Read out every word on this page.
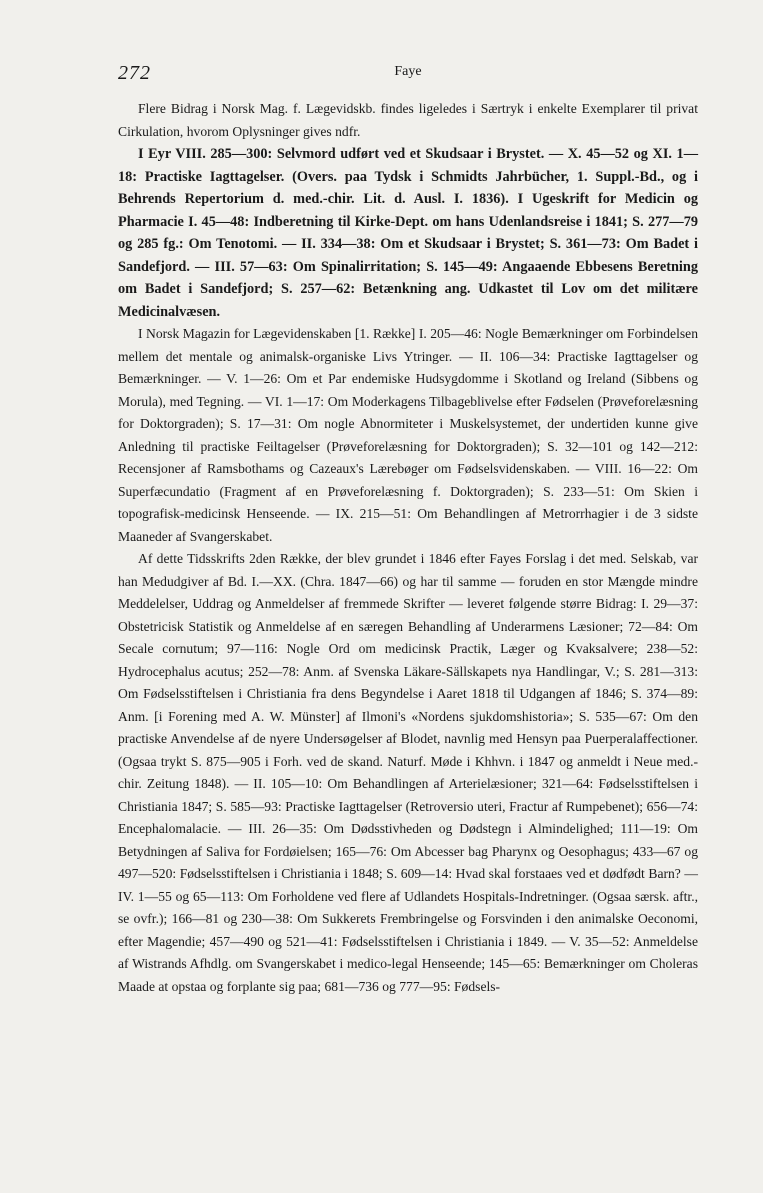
272	Faye

Flere Bidrag i Norsk Mag. f. Lægevidskb. findes ligeledes i Særtryk i enkelte Exemplarer til privat Cirkulation, hvorom Oplysninger gives ndfr.

I Eyr VIII. 285—300: Selvmord udført ved et Skudsaar i Brystet. — X. 45—52 og XI. 1—18: Practiske Iagttagelser. (Overs. paa Tydsk i Schmidts Jahrbücher, 1. Suppl.-Bd., og i Behrends Repertorium d. med.-chir. Lit. d. Ausl. I. 1836). I Ugeskrift for Medicin og Pharmacie I. 45—48: Indberetning til Kirke-Dept. om hans Udenlandsreise i 1841; S. 277—79 og 285 fg.: Om Tenotomi. — II. 334—38: Om et Skudsaar i Brystet; S. 361—73: Om Badet i Sandefjord. — III. 57—63: Om Spinalirritation; S. 145—49: Angaaende Ebbesens Beretning om Badet i Sandefjord; S. 257—62: Betænkning ang. Udkastet til Lov om det militære Medicinalvæsen.

I Norsk Magazin for Lægevidenskaben [1. Række] I. 205—46: Nogle Bemærkninger om Forbindelsen mellem det mentale og animalsk-organiske Livs Ytringer. — II. 106—34: Practiske Iagttagelser og Bemærkninger. — V. 1—26: Om et Par endemiske Hudsygdomme i Skotland og Ireland (Sibbens og Morula), med Tegning. — VI. 1—17: Om Moderkagens Tilbageblivelse efter Fødselen (Prøveforelæsning for Doktorgraden); S. 17—31: Om nogle Abnormiteter i Muskelsystemet, der undertiden kunne give Anledning til practiske Feiltagelser (Prøveforelæsning for Doktorgraden); S. 32—101 og 142—212: Recensjoner af Ramsbothams og Cazeaux's Lærebøger om Fødselsvidenskaben. — VIII. 16—22: Om Superfæcundatio (Fragment af en Prøveforelæsning f. Doktorgraden); S. 233—51: Om Skien i topografisk-medicinsk Henseende. — IX. 215—51: Om Behandlingen af Metrorrhagier i de 3 sidste Maaneder af Svangerskabet.

Af dette Tidsskrifts 2den Række, der blev grundet i 1846 efter Fayes Forslag i det med. Selskab, var han Medudgiver af Bd. I.—XX. (Chra. 1847—66) og har til samme — foruden en stor Mængde mindre Meddelelser, Uddrag og Anmeldelser af fremmede Skrifter — leveret følgende større Bidrag: I. 29—37: Obstetricisk Statistik og Anmeldelse af en særegen Behandling af Underarmens Læsioner; 72—84: Om Secale cornutum; 97—116: Nogle Ord om medicinsk Practik, Læger og Kvaksalvere; 238—52: Hydrocephalus acutus; 252—78: Anm. af Svenska Läkare-Sällskapets nya Handlingar, V.; S. 281—313: Om Fødselsstiftelsen i Christiania fra dens Begyndelse i Aaret 1818 til Udgangen af 1846; S. 374—89: Anm. [i Forening med A. W. Münster] af Ilmoni's «Nordens sjukdomshistoria»; S. 535—67: Om den practiske Anvendelse af de nyere Undersøgelser af Blodet, navnlig med Hensyn paa Puerperalaffectioner. (Ogsaa trykt S. 875—905 i Forh. ved de skand. Naturf. Møde i Khhvn. i 1847 og anmeldt i Neue med.-chir. Zeitung 1848). — II. 105—10: Om Behandlingen af Arterielæsioner; 321—64: Fødselsstiftelsen i Christiania 1847; S. 585—93: Practiske Iagttagelser (Retroversio uteri, Fractur af Rumpebenet); 656—74: Encephalomalacie. — III. 26—35: Om Dødsstivheden og Dødstegn i Almindelighed; 111—19: Om Betydningen af Saliva for Fordøielsen; 165—76: Om Abcesser bag Pharynx og Oesophagus; 433—67 og 497—520: Fødselsstiftelsen i Christiania i 1848; S. 609—14: Hvad skal forstaaes ved et dødfødt Barn? — IV. 1—55 og 65—113: Om Forholdene ved flere af Udlandets Hospitals-Indretninger. (Ogsaa særsk. aftr., se ovfr.); 166—81 og 230—38: Om Sukkerets Frembringelse og Forsvinden i den animalske Oeconomi, efter Magendie; 457—490 og 521—41: Fødselsstiftelsen i Christiania i 1849. — V. 35—52: Anmeldelse af Wistrands Afhdlg. om Svangerskabet i medico-legal Henseende; 145—65: Bemærkninger om Choleras Maade at opstaa og forplante sig paa; 681—736 og 777—95: Fødsels-
